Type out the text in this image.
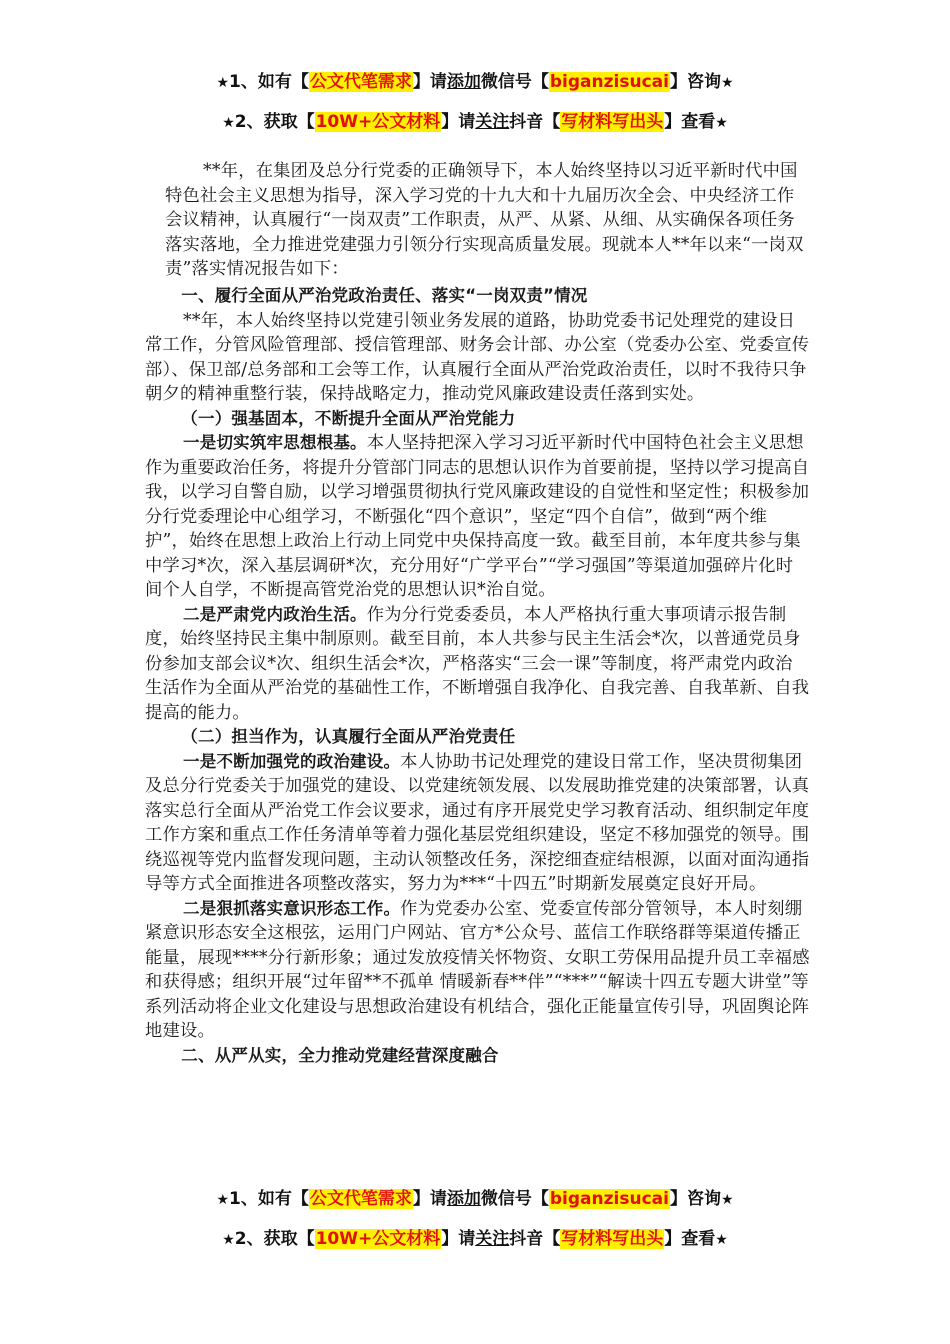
★1、如有【公文代笔需求】请添加微信号【biganzisucai】咨询★
★2、获取【10W+公文材料】请关注抖音【写材料写出头】查看★

**年，在集团及总分行党委的正确领导下，本人始终坚持以习近平新时代中国特色社会主义思想为指导，深入学习党的十九大和十九届历次全会、中央经济工作会议精神，认真履行“一岗双责”工作职责，从严、从紧、从细、从实确保各项任务落实落地，全力推进党建强力引领分行实现高质量发展。现就本人**年以来“一岗双责”落实情况报告如下：

一、履行全面从严治党政治责任、落实“一岗双责”情况

**年，本人始终坚持以党建引领业务发展的道路，协助党委书记处理党的建设日常工作，分管风险管理部、授信管理部、财务会计部、办公室（党委办公室、党委宣传部）、保卫部/总务部和工会等工作，认真履行全面从严治党政治责任，以时不我待只争朝夕的精神重整行装，保持战略定力，推动党风廉政建设责任落到实处。

（一）强基固本，不断提升全面从严治党能力

一是切实筑牢思想根基。本人坚持把深入学习习近平新时代中国特色社会主义思想作为重要政治任务，将提升分管部门同志的思想认识作为首要前提，坚持以学习提高自我，以学习自警自励，以学习增强贯彻执行党风廉政建设的自觉性和坚定性；积极参加分行党委理论中心组学习，不断强化“四个意识”，坚定“四个自信”，做到“两个维护”，始终在思想上政治上行动上同党中央保持高度一致。截至目前，本年度共参与集中学习*次，深入基层调研*次，充分用好“广学平台”“学习强国”等渠道加强碎片化时间个人自学，不断提高管党治党的思想认识*治自觉。

二是严肃党内政治生活。作为分行党委委员，本人严格执行重大事项请示报告制度，始终坚持民主集中制原则。截至目前，本人共参与民主生活会*次，以普通党员身份参加支部会议*次、组织生活会*次，严格落实“三会一课”等制度，将严肃党内政治生活作为全面从严治党的基础性工作，不断增强自我净化、自我完善、自我革新、自我提高的能力。

（二）担当作为，认真履行全面从严治党责任

一是不断加强党的政治建设。本人协助书记处理党的建设日常工作，坚决贯彻集团及总分行党委关于加强党的建设、以党建统领发展、以发展助推党建的决策部署，认真落实总行全面从严治党工作会议要求，通过有序开展党史学习教育活动、组织制定年度工作方案和重点工作任务清单等着力强化基层党组织建设，坚定不移加强党的领导。围绕巡视等党内监督发现问题，主动认领整改任务，深挖细查症结根源，以面对面沟通指导等方式全面推进各项整改落实，努力为***“十四五”时期新发展奠定良好开局。

二是狠抓落实意识形态工作。作为党委办公室、党委宣传部分管领导，本人时刻绷紧意识形态安全这根弦，运用门户网站、官方*公众号、蓝信工作联络群等渠道传播正能量，展现****分行新形象；通过发放疫情关怀物资、女职工劳保用品提升员工幸福感和获得感；组织开展“过年留**不孤单 情暖新春**伴”“***”“解读十四五专题大讲堂”等系列活动将企业文化建设与思想政治建设有机结合，强化正能量宣传引导，巩固舆论阵地建设。

二、从严从实，全力推动党建经营深度融合

★1、如有【公文代笔需求】请添加微信号【biganzisucai】咨询★
★2、获取【10W+公文材料】请关注抖音【写材料写出头】查看★
